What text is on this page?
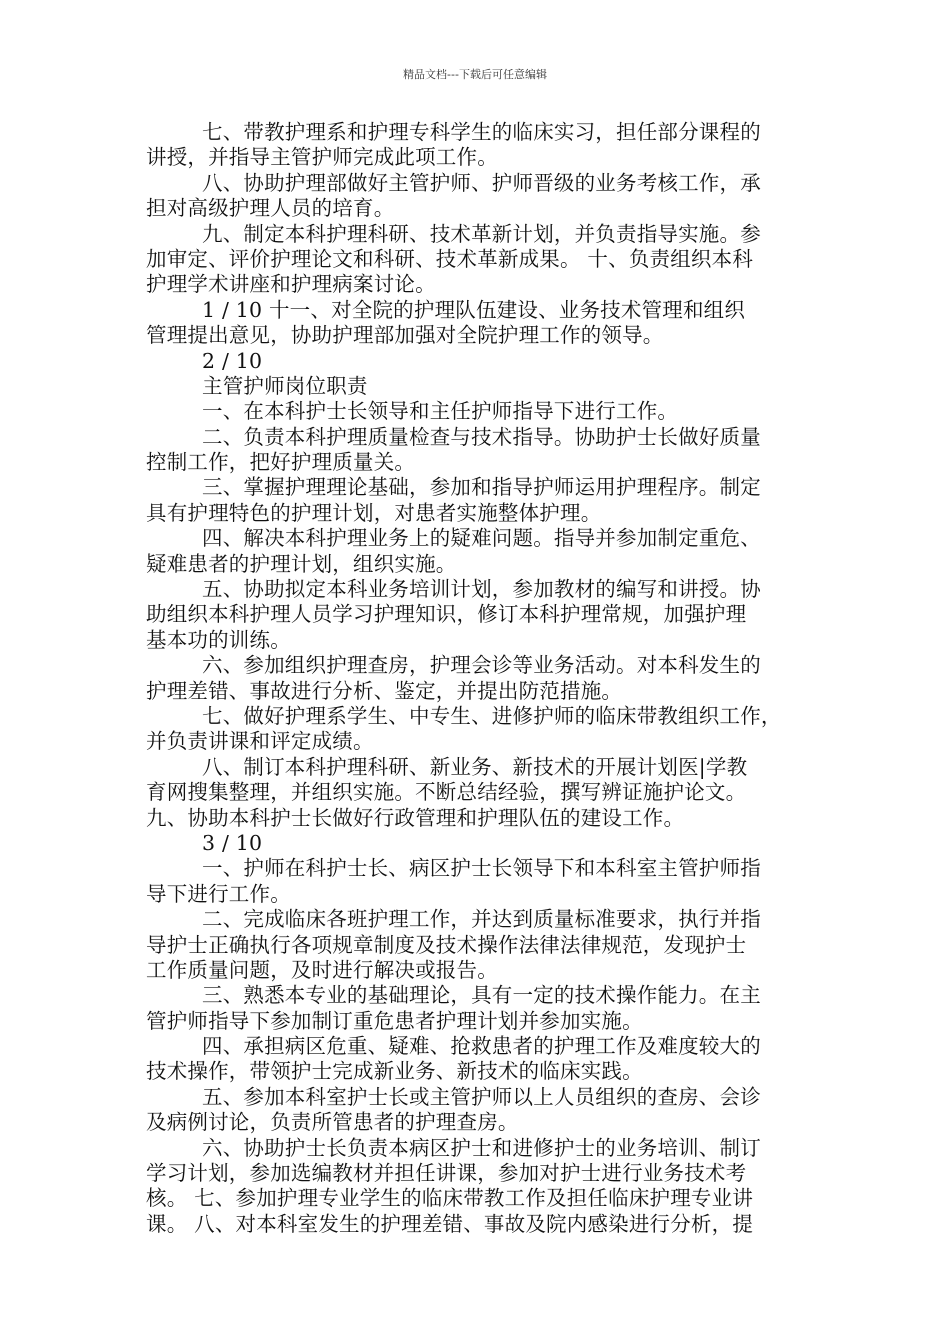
精品文档---下载后可任意编辑
七、带教护理系和护理专科学生的临床实习，担任部分课程的
讲授，并指导主管护师完成此项工作。
八、协助护理部做好主管护师、护师晋级的业务考核工作，承
担对高级护理人员的培育。
九、制定本科护理科研、技术革新计划，并负责指导实施。参
加审定、评价护理论文和科研、技术革新成果。 十、负责组织本科
护理学术讲座和护理病案讨论。
1 / 10 十一、对全院的护理队伍建设、业务技术管理和组织
管理提出意见，协助护理部加强对全院护理工作的领导。
2 / 10
主管护师岗位职责
一、在本科护士长领导和主任护师指导下进行工作。
二、负责本科护理质量检查与技术指导。协助护士长做好质量
控制工作，把好护理质量关。
三、掌握护理理论基础，参加和指导护师运用护理程序。制定
具有护理特色的护理计划，对患者实施整体护理。
四、解决本科护理业务上的疑难问题。指导并参加制定重危、
疑难患者的护理计划，组织实施。
五、协助拟定本科业务培训计划，参加教材的编写和讲授。协
助组织本科护理人员学习护理知识，修订本科护理常规，加强护理
基本功的训练。
六、参加组织护理查房，护理会诊等业务活动。对本科发生的
护理差错、事故进行分析、鉴定，并提出防范措施。
七、做好护理系学生、中专生、进修护师的临床带教组织工作，
并负责讲课和评定成绩。
八、制订本科护理科研、新业务、新技术的开展计划医|学教
育网搜集整理，并组织实施。不断总结经验，撰写辨证施护论文。
九、协助本科护士长做好行政管理和护理队伍的建设工作。
3 / 10
一、护师在科护士长、病区护士长领导下和本科室主管护师指
导下进行工作。
二、完成临床各班护理工作，并达到质量标准要求，执行并指
导护士正确执行各项规章制度及技术操作法律法律规范，发现护士
工作质量问题，及时进行解决或报告。
三、熟悉本专业的基础理论，具有一定的技术操作能力。在主
管护师指导下参加制订重危患者护理计划并参加实施。
四、承担病区危重、疑难、抢救患者的护理工作及难度较大的
技术操作，带领护士完成新业务、新技术的临床实践。
五、参加本科室护士长或主管护师以上人员组织的查房、会诊
及病例讨论，负责所管患者的护理查房。
六、协助护士长负责本病区护士和进修护士的业务培训、制订
学习计划，参加选编教材并担任讲课，参加对护士进行业务技术考
核。 七、参加护理专业学生的临床带教工作及担任临床护理专业讲
课。 八、对本科室发生的护理差错、事故及院内感染进行分析，提
